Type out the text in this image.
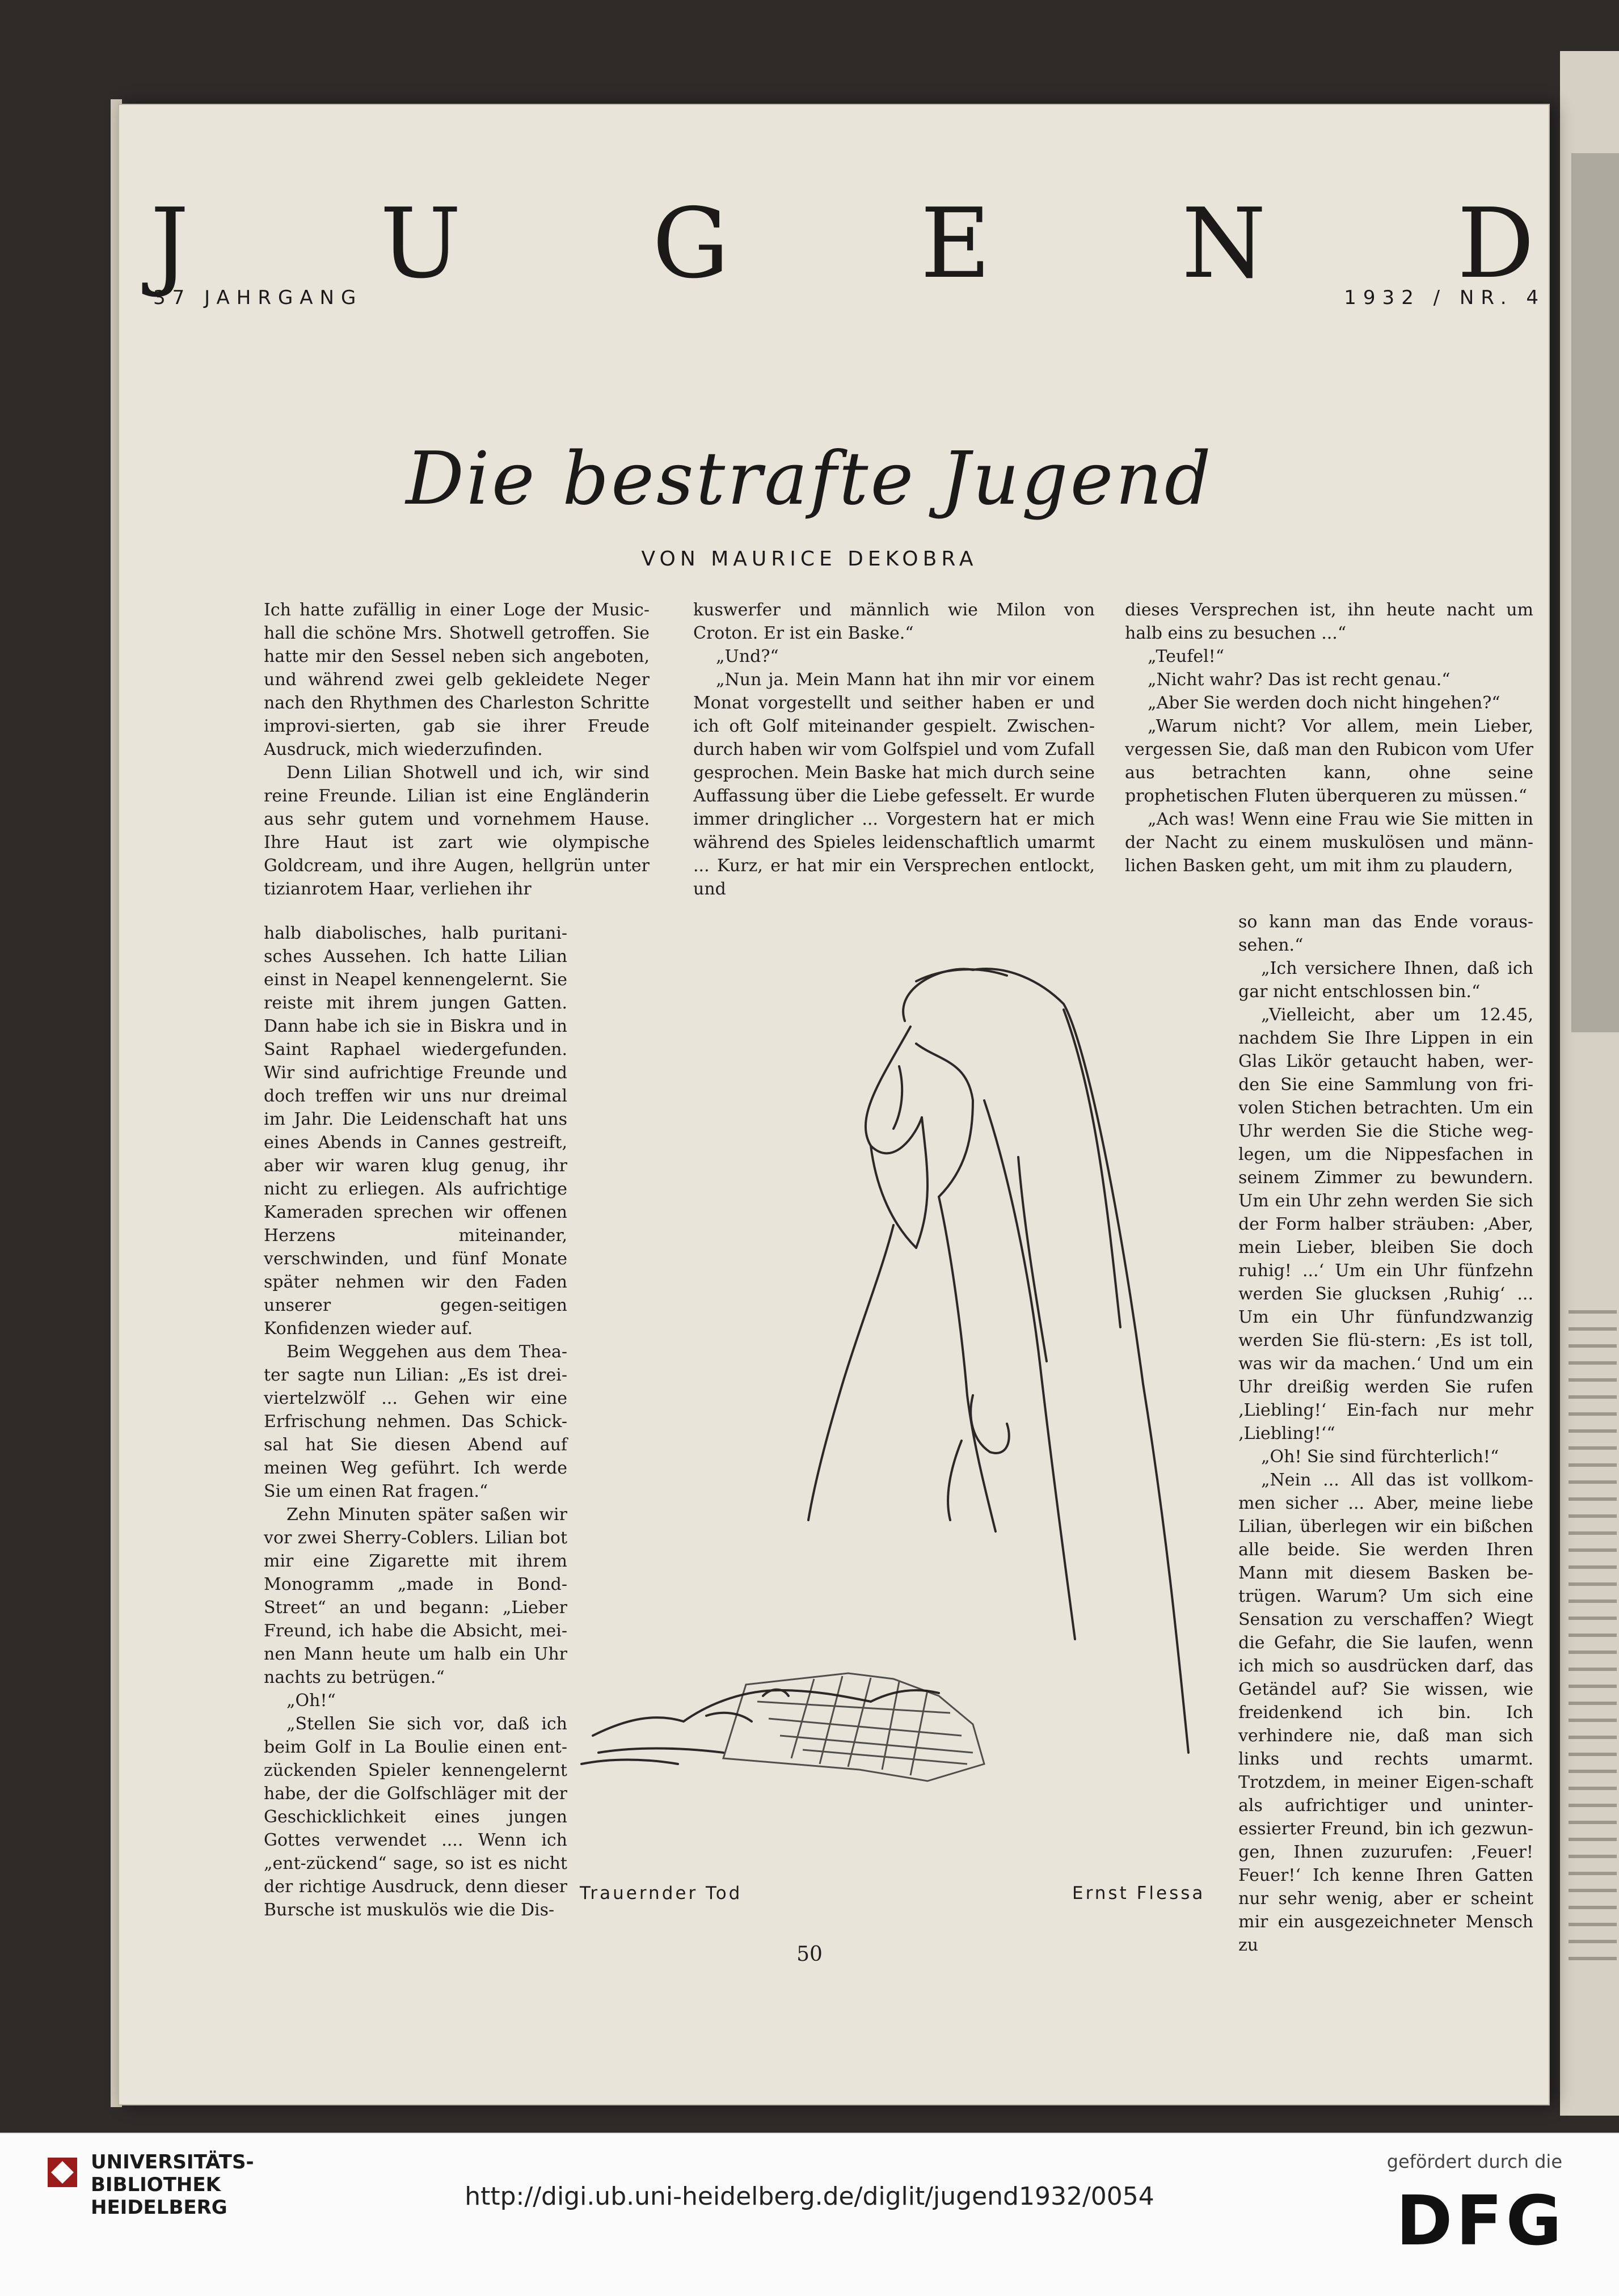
J U G E N D
37 JAHRGANG	1932 / NR. 4
Die bestrafte Jugend
VON MAURICE DEKOBRA

Ich hatte zufällig in einer Loge der Music-hall die schöne Mrs. Shotwell getroffen. Sie hatte mir den Sessel neben sich angeboten, und während zwei gelb gekleidete Neger nach den Rhythmen des Charleston Schritte improvi-sierten, gab sie ihrer Freude Ausdruck, mich wiederzufinden.

Denn Lilian Shotwell und ich, wir sind reine Freunde. Lilian ist eine Engländerin aus sehr gutem und vornehmem Hause. Ihre Haut ist zart wie olympische Goldcream, und ihre Augen, hellgrün unter tizianrotem Haar, verliehen ihr

halb diabolisches, halb puritani-sches Aussehen. Ich hatte Lilian einst in Neapel kennengelernt. Sie reiste mit ihrem jungen Gatten. Dann habe ich sie in Biskra und in Saint Raphael wiedergefunden. Wir sind aufrichtige Freunde und doch treffen wir uns nur dreimal im Jahr. Die Leidenschaft hat uns eines Abends in Cannes gestreift, aber wir waren klug genug, ihr nicht zu erliegen. Als aufrichtige Kameraden sprechen wir offenen Herzens miteinander, verschwinden, und fünf Monate später nehmen wir den Faden unserer gegen-seitigen Konfidenzen wieder auf.

Beim Weggehen aus dem Thea-ter sagte nun Lilian: „Es ist drei-viertelzwölf ... Gehen wir eine Erfrischung nehmen. Das Schick-sal hat Sie diesen Abend auf meinen Weg geführt. Ich werde Sie um einen Rat fragen.“

Zehn Minuten später saßen wir vor zwei Sherry-Coblers. Lilian bot mir eine Zigarette mit ihrem Monogramm „made in Bond-Street“ an und begann: „Lieber Freund, ich habe die Absicht, mei-nen Mann heute um halb ein Uhr nachts zu betrügen.“

„Oh!“

„Stellen Sie sich vor, daß ich beim Golf in La Boulie einen ent-zückenden Spieler kennengelernt habe, der die Golfschläger mit der Geschicklichkeit eines jungen Gottes verwendet .... Wenn ich „ent-zückend“ sage, so ist es nicht der richtige Ausdruck, denn dieser Bursche ist muskulös wie die Dis-

kuswerfer und männlich wie Milon von Croton. Er ist ein Baske.“

„Und?“

„Nun ja. Mein Mann hat ihn mir vor einem Monat vorgestellt und seither haben er und ich oft Golf miteinander gespielt. Zwischen-durch haben wir vom Golfspiel und vom Zufall gesprochen. Mein Baske hat mich durch seine Auffassung über die Liebe gefesselt. Er wurde immer dringlicher ... Vorgestern hat er mich während des Spieles leidenschaftlich umarmt ... Kurz, er hat mir ein Versprechen entlockt, und

dieses Versprechen ist, ihn heute nacht um halb eins zu besuchen ...“

„Teufel!“

„Nicht wahr? Das ist recht genau.“

„Aber Sie werden doch nicht hingehen?“

„Warum nicht? Vor allem, mein Lieber, vergessen Sie, daß man den Rubicon vom Ufer aus betrachten kann, ohne seine prophetischen Fluten überqueren zu müssen.“

„Ach was! Wenn eine Frau wie Sie mitten in der Nacht zu einem muskulösen und männ-lichen Basken geht, um mit ihm zu plaudern,

so kann man das Ende voraus-sehen.“

„Ich versichere Ihnen, daß ich gar nicht entschlossen bin.“

„Vielleicht, aber um 12.45, nachdem Sie Ihre Lippen in ein Glas Likör getaucht haben, wer-den Sie eine Sammlung von fri-volen Stichen betrachten. Um ein Uhr werden Sie die Stiche weg-legen, um die Nippesfachen in seinem Zimmer zu bewundern. Um ein Uhr zehn werden Sie sich der Form halber sträuben: ‚Aber, mein Lieber, bleiben Sie doch ruhig! ...‘ Um ein Uhr fünfzehn werden Sie glucksen ‚Ruhig‘ ... Um ein Uhr fünfundzwanzig werden Sie flü-stern: ‚Es ist toll, was wir da machen.‘ Und um ein Uhr dreißig werden Sie rufen ‚Liebling!‘ Ein-fach nur mehr ‚Liebling!‘“

„Oh! Sie sind fürchterlich!“

„Nein ... All das ist vollkom-men sicher ... Aber, meine liebe Lilian, überlegen wir ein bißchen alle beide. Sie werden Ihren Mann mit diesem Basken be-trügen. Warum? Um sich eine Sensation zu verschaffen? Wiegt die Gefahr, die Sie laufen, wenn ich mich so ausdrücken darf, das Getändel auf? Sie wissen, wie freidenkend ich bin. Ich verhindere nie, daß man sich links und rechts umarmt. Trotzdem, in meiner Eigen-schaft als aufrichtiger und uninter-essierter Freund, bin ich gezwun-gen, Ihnen zuzurufen: ‚Feuer! Feuer!‘ Ich kenne Ihren Gatten nur sehr wenig, aber er scheint mir ein ausgezeichneter Mensch zu

Trauernder Tod	Ernst Flessa
50
UNIVERSITÄTS-
BIBLIOTHEK
HEIDELBERG	http://digi.ub.uni-heidelberg.de/diglit/jugend1932/0054
gefördert durch die
DFG
